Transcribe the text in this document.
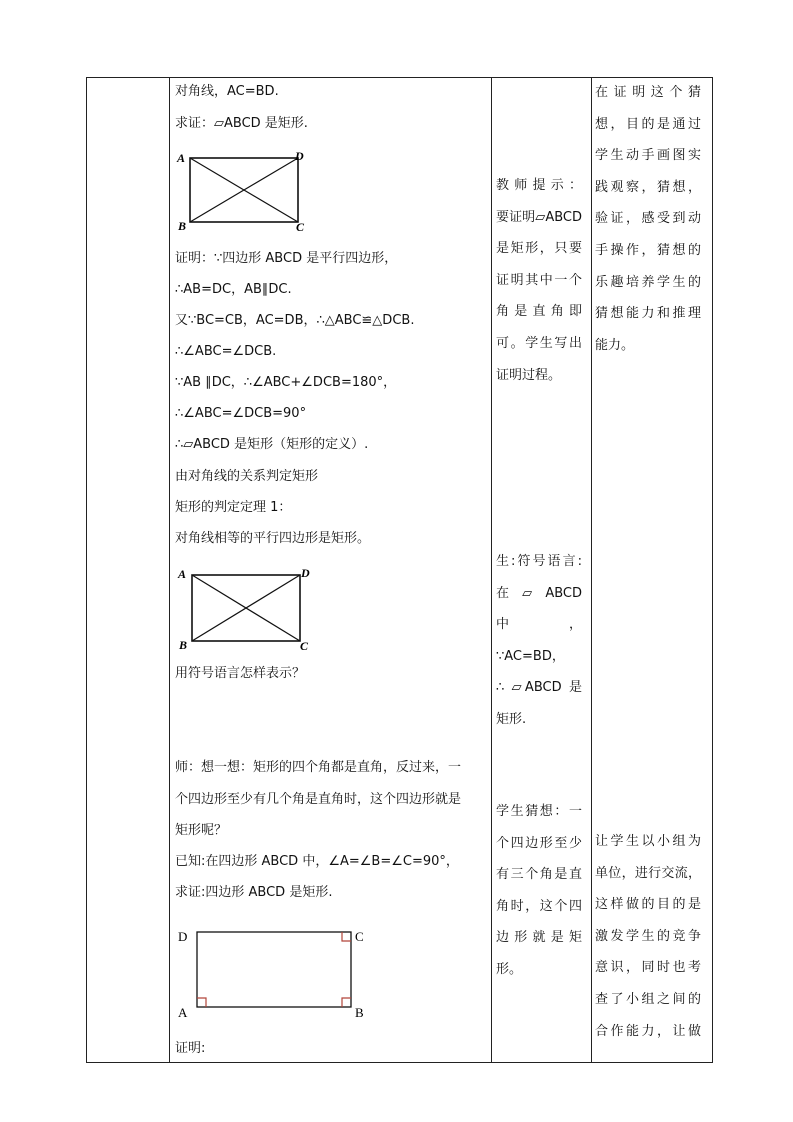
对角线，AC=BD.
求证：▱ABCD 是矩形.
A
B	C
D
证明：∵四边形 ABCD 是平行四边形，
∴AB=DC，AB∥DC.
又∵BC=CB，AC=DB，∴△ABC≌△DCB.
∴∠ABC=∠DCB.
∵AB ∥DC，∴∠ABC+∠DCB=180°，
∴∠ABC=∠DCB=90°
∴▱ABCD 是矩形（矩形的定义）.
由对角线的关系判定矩形
矩形的判定定理 1：
对角线相等的平行四边形是矩形。
A
B	C
D
用符号语言怎样表示？
师：想一想：矩形的四个角都是直角，反过来，一
个四边形至少有几个角是直角时，这个四边形就是
矩形呢？
已知:在四边形 ABCD 中，∠A=∠B=∠C=90°，
求证:四边形 ABCD 是矩形.
D
A
C
B
证明:

教师提示：

要证明▱ABCD

是矩形，只要

证明其中一个

角是直角即

可。学生写出

证明过程。

生:符号语言:

在▱ABCD 中，

∵AC=BD，

∴ ▱ABCD 是

矩形.

学生猜想：一

个四边形至少

有三个角是直

角时，这个四

边形就是矩

形。

在证明这个猜

想，目的是通过

学生动手画图实

践观察，猜想，

验证，感受到动

手操作，猜想的

乐趣培养学生的

猜想能力和推理

能力。

让学生以小组为

单位，进行交流，

这样做的目的是

激发学生的竞争

意识，同时也考

查了小组之间的

合作能力，让做
